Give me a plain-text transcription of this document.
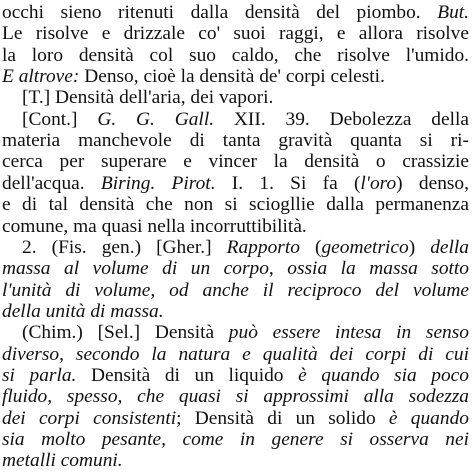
occhi sieno ritenuti dalla densità del piombo. But.
Le risolve e drizzale co' suoi raggi, e allora risolve
la loro densità col suo caldo, che risolve l'umido.
E altrove: Denso, cioè la densità de' corpi celesti.
[T.] Densità dell'aria, dei vapori.
[Cont.] G. G. Gall. XII. 39. Debolezza della
materia manchevole di tanta gravità quanta si ri-
cerca per superare e vincer la densità o crassizie
dell'acqua. Biring. Pirot. I. 1. Si fa (l'oro) denso,
e di tal densità che non si sciogllie dalla permanenza
comune, ma quasi nella incorruttibilità.
2. (Fis. gen.) [Gher.] Rapporto (geometrico) della
massa al volume di un corpo, ossia la massa sotto
l'unità di volume, od anche il reciproco del volume
della unità di massa.
(Chim.) [Sel.] Densità può essere intesa in senso
diverso, secondo la natura e qualità dei corpi di cui
si parla. Densità di un liquido è quando sia poco
fluido, spesso, che quasi si approssimi alla sodezza
dei corpi consistenti; Densità di un solido è quando
sia molto pesante, come in genere si osserva nei
metalli comuni.
